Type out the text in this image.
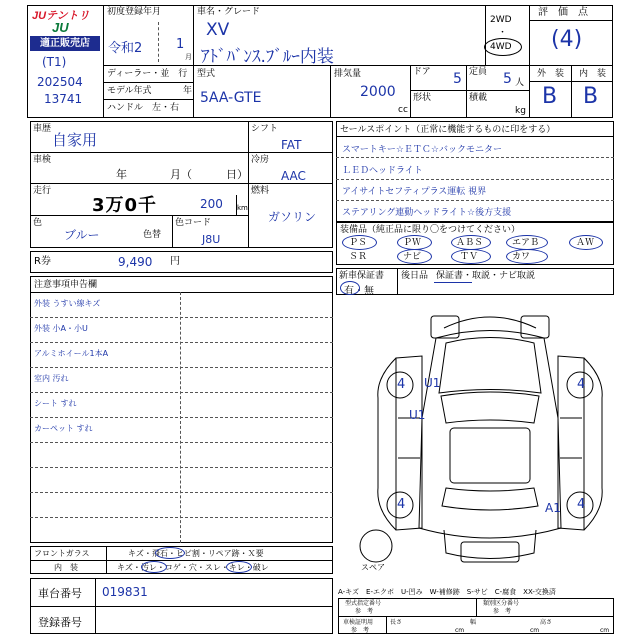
JUテントリ
JU
適正販売店
(T1)
202504
13741
初度登録年月
令和2	1
月
車名・グレード
XV
ｱﾄﾞﾊﾞﾝｽ.ﾌﾞﾙｰ内装
2WD
・
4WD
評　価　点
(4)
外　装 内　装
B B
ディーラー・並　行
モデル年式	年
ハンドル　左・右
型式
5AA-GTE
排気量
2000
cc
ドア 5
形状
定員 5 人
積載
kg
車歴
自家用
車検
年	月（	日）
走行
3万0千	200 km
色
ブルー	色替
色コード
J8U
シフト
FAT
冷房
AAC
燃料
ガソリン
R券	9,490 円
セールスポイント（正常に機能するものに印をする）
スマートキー☆ＥＴＣ☆バックモニター
ＬＥＤヘッドライト
アイサイトセフティプラス運転 視界
ステアリング連動ヘッドライト☆後方支援
装備品（純正品に限り〇をつけてください）
ＰＳ	ＰＷ	ＡＢＳ	エアＢ	ＡＷ
ＳＲ	ナビ	ＴＶ	カワ
新車保証書
有・無
後日品 保証書・取説・ナビ取説
注意事項申告欄
外装 うすい線キズ
外装 小A・小U
アルミホイール1本A
室内 汚れ
シート すれ
カーペット すれ
4 U1	4
U1
4	A1 4
スペア
フロントガラス	キズ・飛石・ヒビ割・リペア跡・Ｘ要
内　装	キズ・汚レ・コゲ・穴・スレ・キレ・破レ
車台番号 019831
登録番号
A-キズ　E-エクボ　U-凹み　W-補修跡　S-サビ　C-腐食　XX-交換済
型式指定番号
参　考
類別区分番号
参　考
車検証明用
参　考
長さ
cm
幅
cm
高さ
cm
